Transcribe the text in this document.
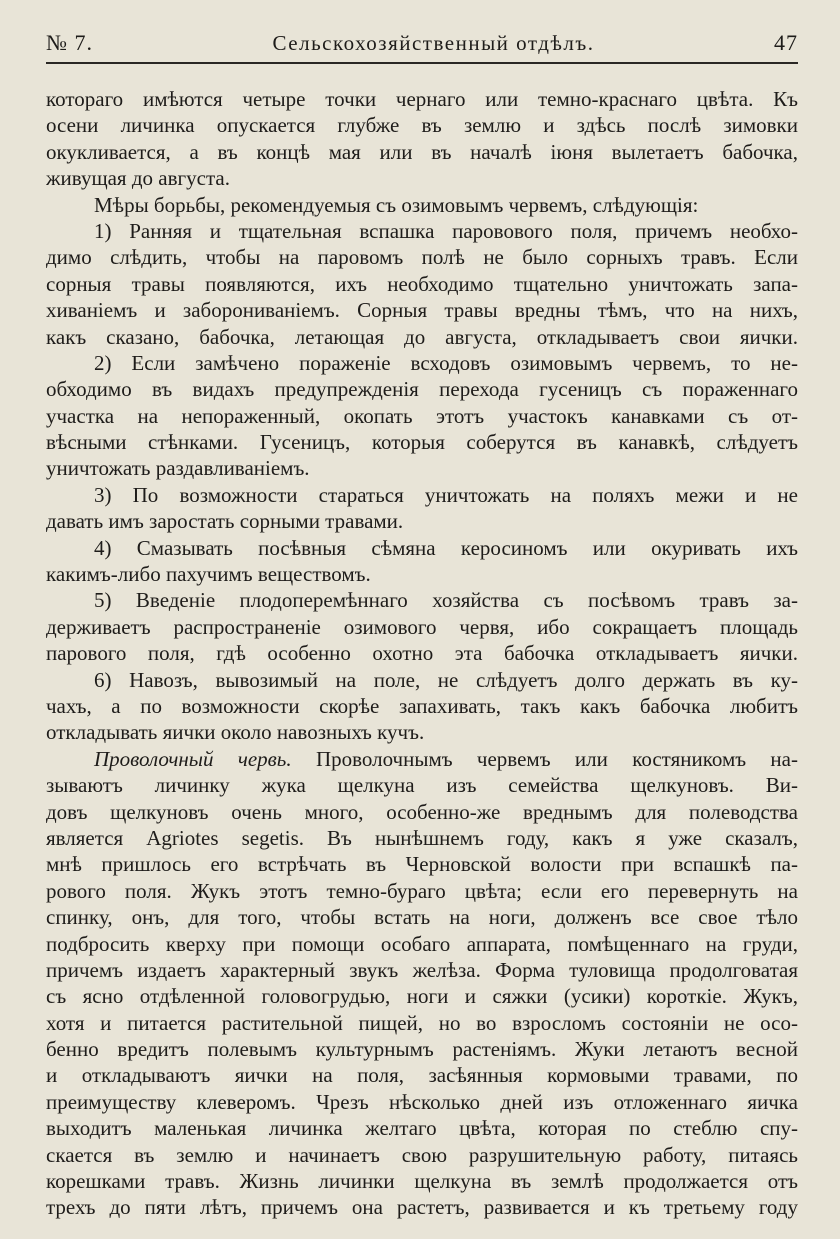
№ 7.	Сельскохозяйственный отдѣлъ.	47
котораго имѣются четыре точки чернаго или темно-краснаго цвѣта. Къ
осени личинка опускается глубже въ землю и здѣсь послѣ зимовки
окукливается, а въ концѣ мая или въ началѣ іюня вылетаетъ бабочка,
живущая до августа.
Мѣры борьбы, рекомендуемыя съ озимовымъ червемъ, слѣдующія:
1) Ранняя и тщательная вспашка паровового поля, причемъ необхо-
димо слѣдить, чтобы на паровомъ полѣ не было сорныхъ травъ. Если
сорныя травы появляются, ихъ необходимо тщательно уничтожать запа-
хиваніемъ и заборониваніемъ. Сорныя травы вредны тѣмъ, что на нихъ,
какъ сказано, бабочка, летающая до августа, откладываетъ свои яички.
2) Если замѣчено пораженіе всходовъ озимовымъ червемъ, то не-
обходимо въ видахъ предупрежденія перехода гусеницъ съ пораженнаго
участка на непораженный, окопать этотъ участокъ канавками съ от-
вѣсными стѣнками. Гусеницъ, которыя соберутся въ канавкѣ, слѣдуетъ
уничтожать раздавливаніемъ.
3) По возможности стараться уничтожать на поляхъ межи и не
давать имъ заростать сорными травами.
4) Смазывать посѣвныя сѣмяна керосиномъ или окуривать ихъ
какимъ-либо пахучимъ веществомъ.
5) Введеніе плодоперемѣннаго хозяйства съ посѣвомъ травъ за-
держиваетъ распространеніе озимового червя, ибо сокращаетъ площадь
парового поля, гдѣ особенно охотно эта бабочка откладываетъ яички.
6) Навозъ, вывозимый на поле, не слѣдуетъ долго держать въ ку-
чахъ, а по возможности скорѣе запахивать, такъ какъ бабочка любитъ
откладывать яички около навозныхъ кучъ.
Проволочный червь. Проволочнымъ червемъ или костяникомъ на-
зываютъ личинку жука щелкуна изъ семейства щелкуновъ. Ви-
довъ щелкуновъ очень много, особенно-же вреднымъ для полеводства
является Agriotes segetis. Въ нынѣшнемъ году, какъ я уже сказалъ,
мнѣ пришлось его встрѣчать въ Черновской волости при вспашкѣ па-
рового поля. Жукъ этотъ темно-бураго цвѣта; если его перевернуть на
спинку, онъ, для того, чтобы встать на ноги, долженъ все свое тѣло
подбросить кверху при помощи особаго аппарата, помѣщеннаго на груди,
причемъ издаетъ характерный звукъ желѣза. Форма туловища продолговатая
съ ясно отдѣленной головогрудью, ноги и сяжки (усики) короткіе. Жукъ,
хотя и питается растительной пищей, но во взросломъ состояніи не осо-
бенно вредитъ полевымъ культурнымъ растеніямъ. Жуки летаютъ весной
и откладываютъ яички на поля, засѣянныя кормовыми травами, по
преимуществу клеверомъ. Чрезъ нѣсколько дней изъ отложеннаго яичка
выходитъ маленькая личинка желтаго цвѣта, которая по стеблю спу-
скается въ землю и начинаетъ свою разрушительную работу, питаясь
корешками травъ. Жизнь личинки щелкуна въ землѣ продолжается отъ
трехъ до пяти лѣтъ, причемъ она растетъ, развивается и къ третьему году
